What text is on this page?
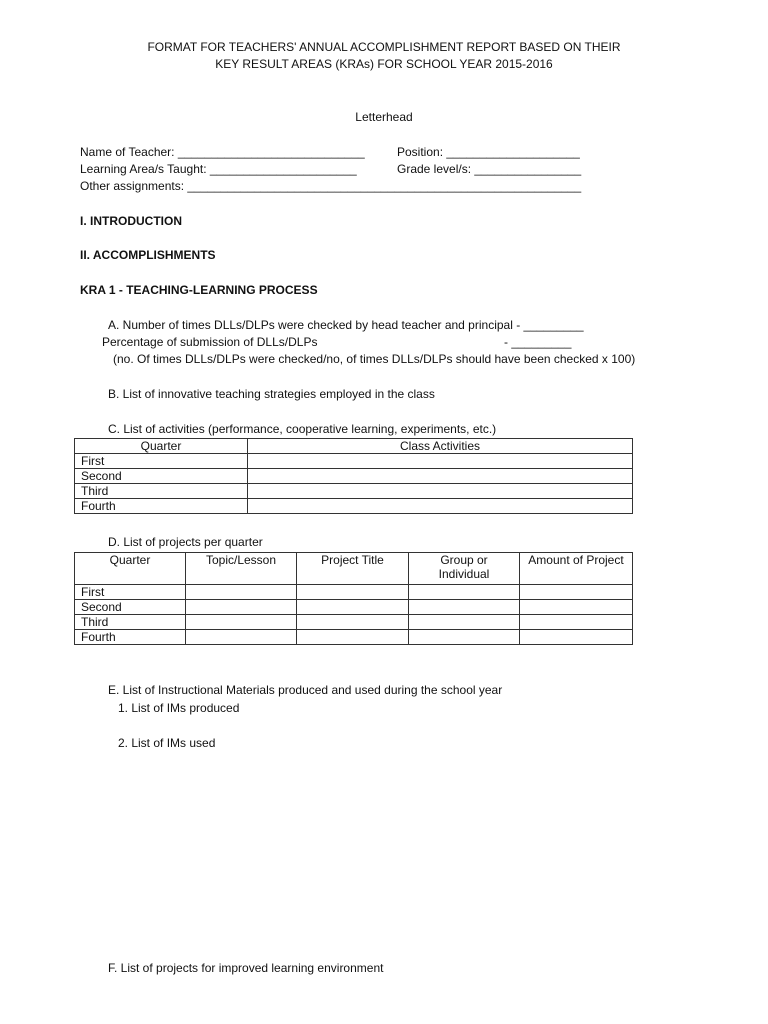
FORMAT FOR TEACHERS' ANNUAL ACCOMPLISHMENT REPORT BASED ON THEIR
KEY RESULT AREAS (KRAs) FOR SCHOOL YEAR 2015-2016
Letterhead
Name of Teacher: ____________________________	Position: ____________________
Learning Area/s Taught: ______________________	Grade level/s: ________________
Other assignments: ___________________________________________________________
I. INTRODUCTION
II. ACCOMPLISHMENTS
KRA 1 - TEACHING-LEARNING PROCESS
A. Number of times DLLs/DLPs were checked by head teacher and principal - _________
Percentage of submission of DLLs/DLPs	- _________
(no. Of times DLLs/DLPs were checked/no, of times DLLs/DLPs should have been checked x 100)
B. List of innovative teaching strategies employed in the class
C. List of activities (performance, cooperative learning, experiments, etc.)
Quarter	Class Activities
First	
Second	
Third	
Fourth	
D. List of projects per quarter
Quarter	Topic/Lesson	Project Title	Group or Individual	Amount of Project
First				
Second				
Third				
Fourth				
E. List of Instructional Materials produced and used during the school year
1. List of IMs produced
2. List of IMs used
F. List of projects for improved learning environment
